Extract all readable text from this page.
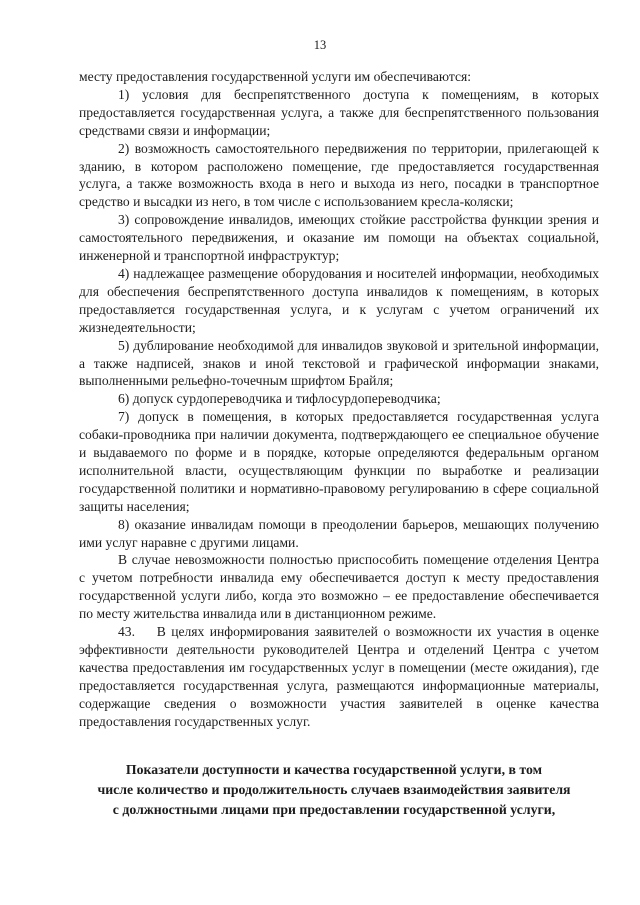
13

месту предоставления государственной услуги им обеспечиваются:

1) условия для беспрепятственного доступа к помещениям, в которых предоставляется государственная услуга, а также для беспрепятственного пользования средствами связи и информации;

2) возможность самостоятельного передвижения по территории, прилегающей к зданию, в котором расположено помещение, где предоставляется государственная услуга, а также возможность входа в него и выхода из него, посадки в транспортное средство и высадки из него, в том числе с использованием кресла-коляски;

3) сопровождение инвалидов, имеющих стойкие расстройства функции зрения и самостоятельного передвижения, и оказание им помощи на объектах социальной, инженерной и транспортной инфраструктур;

4) надлежащее размещение оборудования и носителей информации, необходимых для обеспечения беспрепятственного доступа инвалидов к помещениям, в которых предоставляется государственная услуга, и к услугам с учетом ограничений их жизнедеятельности;

5) дублирование необходимой для инвалидов звуковой и зрительной информации, а также надписей, знаков и иной текстовой и графической информации знаками, выполненными рельефно-точечным шрифтом Брайля;

6) допуск сурдопереводчика и тифлосурдопереводчика;

7) допуск в помещения, в которых предоставляется государственная услуга собаки-проводника при наличии документа, подтверждающего ее специальное обучение и выдаваемого по форме и в порядке, которые определяются федеральным органом исполнительной власти, осуществляющим функции по выработке и реализации государственной политики и нормативно-правовому регулированию в сфере социальной защиты населения;

8) оказание инвалидам помощи в преодолении барьеров, мешающих получению ими услуг наравне с другими лицами.

В случае невозможности полностью приспособить помещение отделения Центра с учетом потребности инвалида ему обеспечивается доступ к месту предоставления государственной услуги либо, когда это возможно – ее предоставление обеспечивается по месту жительства инвалида или в дистанционном режиме.

43.    В целях информирования заявителей о возможности их участия в оценке эффективности деятельности руководителей Центра и отделений Центра с учетом качества предоставления им государственных услуг в помещении (месте ожидания), где предоставляется государственная услуга, размещаются информационные материалы, содержащие сведения о возможности участия заявителей в оценке качества предоставления государственных услуг.

Показатели доступности и качества государственной услуги, в том
числе количество и продолжительность случаев взаимодействия заявителя
с должностными лицами при предоставлении государственной услуги,
